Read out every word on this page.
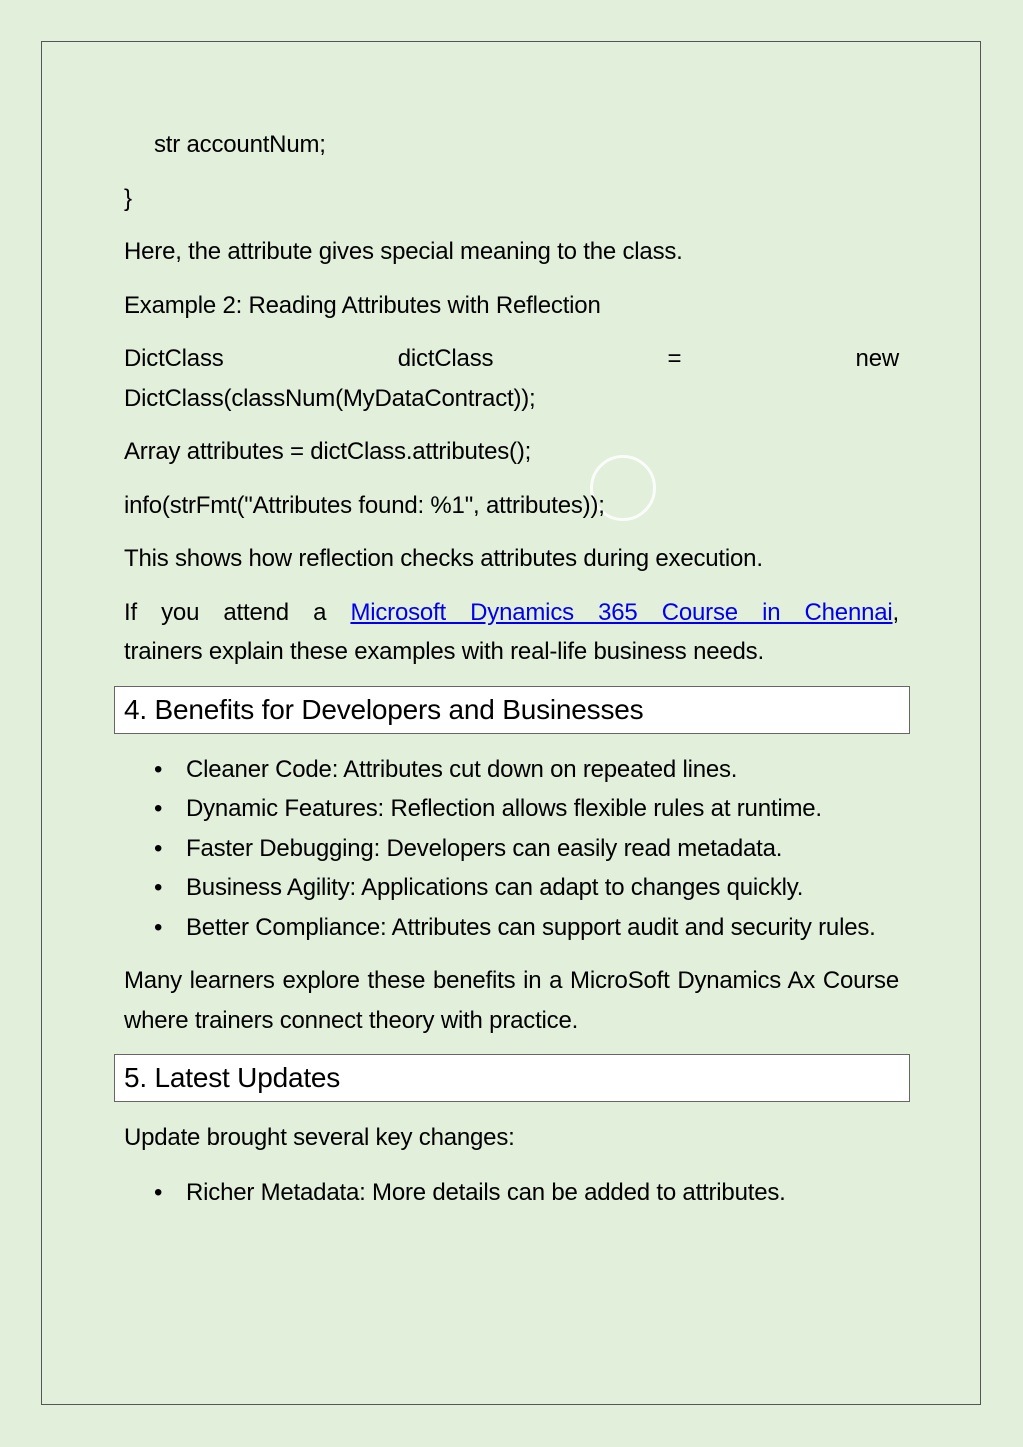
str accountNum;
}
Here, the attribute gives special meaning to the class.
Example 2: Reading Attributes with Reflection
DictClass	dictClass	=	new
DictClass(classNum(MyDataContract));
Array attributes = dictClass.attributes();
info(strFmt("Attributes found: %1", attributes));
This shows how reflection checks attributes during execution.
If you attend a Microsoft Dynamics 365 Course in Chennai,
trainers explain these examples with real-life business needs.
4. Benefits for Developers and Businesses
• Cleaner Code: Attributes cut down on repeated lines.
• Dynamic Features: Reflection allows flexible rules at runtime.
• Faster Debugging: Developers can easily read metadata.
• Business Agility: Applications can adapt to changes quickly.
• Better Compliance: Attributes can support audit and security rules.
Many learners explore these benefits in a MicroSoft Dynamics Ax Course where trainers connect theory with practice.
5. Latest Updates
Update brought several key changes:
• Richer Metadata: More details can be added to attributes.
